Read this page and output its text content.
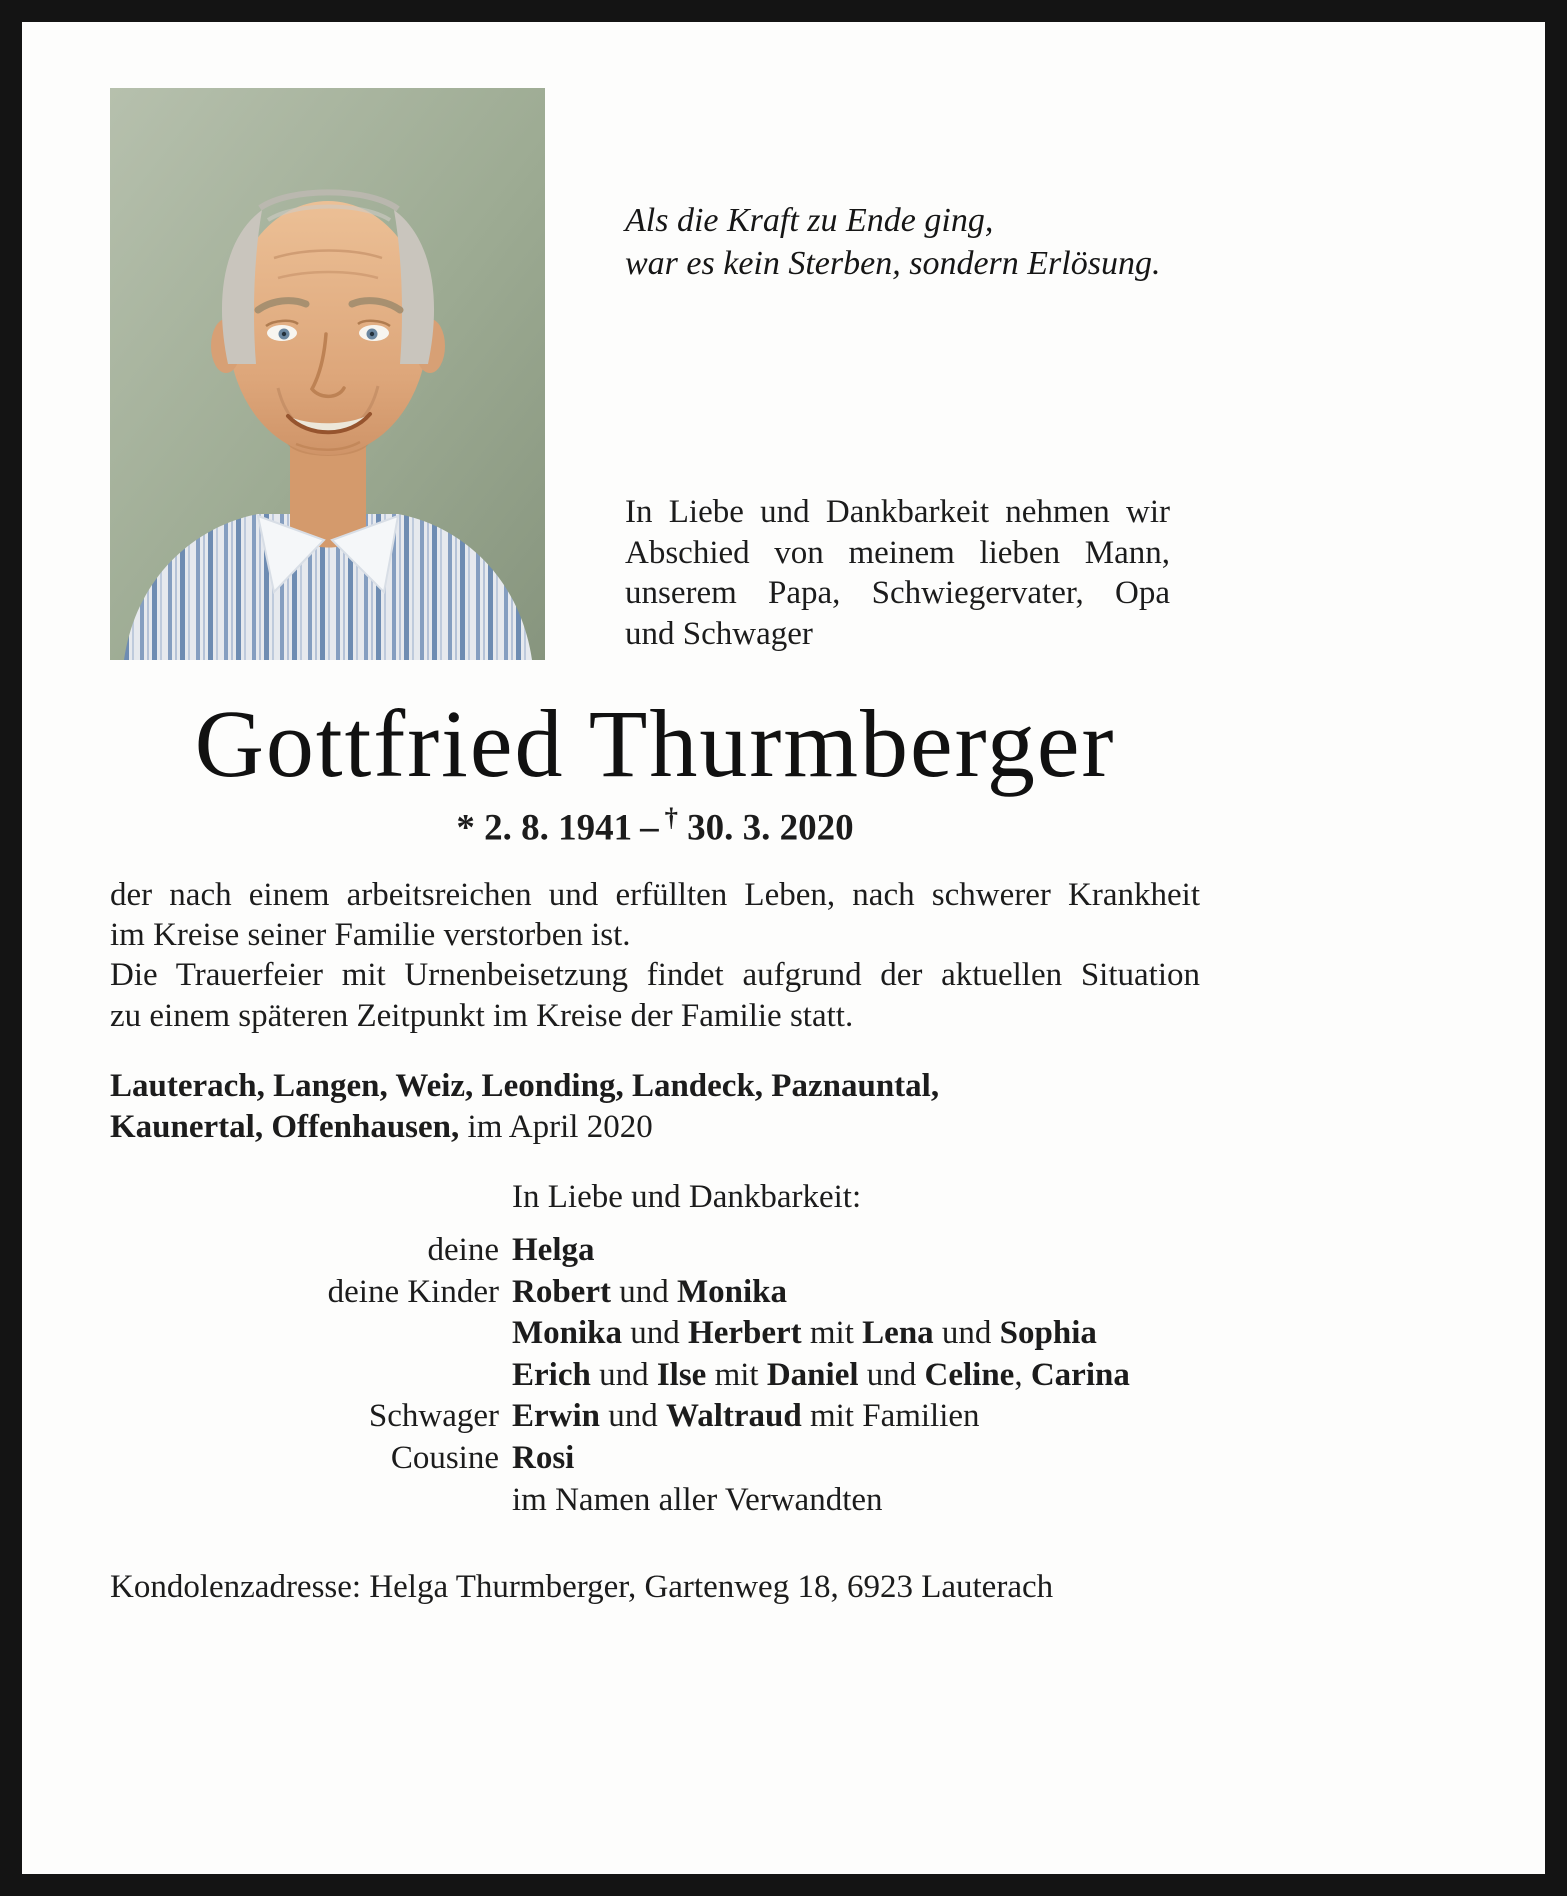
Als die Kraft zu Ende ging,
war es kein Sterben, sondern Erlösung.
In Liebe und Dankbarkeit nehmen wir
Abschied von meinem lieben Mann,
unserem Papa, Schwiegervater, Opa
und Schwager
Gottfried Thurmberger
* 2. 8. 1941 – † 30. 3. 2020
der nach einem arbeitsreichen und erfüllten Leben, nach schwerer Krankheit
im Kreise seiner Familie verstorben ist.
Die Trauerfeier mit Urnenbeisetzung findet aufgrund der aktuellen Situation
zu einem späteren Zeitpunkt im Kreise der Familie statt.
Lauterach, Langen, Weiz, Leonding, Landeck, Paznauntal,
Kaunertal, Offenhausen, im April 2020
In Liebe und Dankbarkeit:
deine Helga
deine Kinder Robert und Monika
Monika und Herbert mit Lena und Sophia
Erich und Ilse mit Daniel und Celine, Carina
Schwager Erwin und Waltraud mit Familien
Cousine Rosi
im Namen aller Verwandten
Kondolenzadresse: Helga Thurmberger, Gartenweg 18, 6923 Lauterach
